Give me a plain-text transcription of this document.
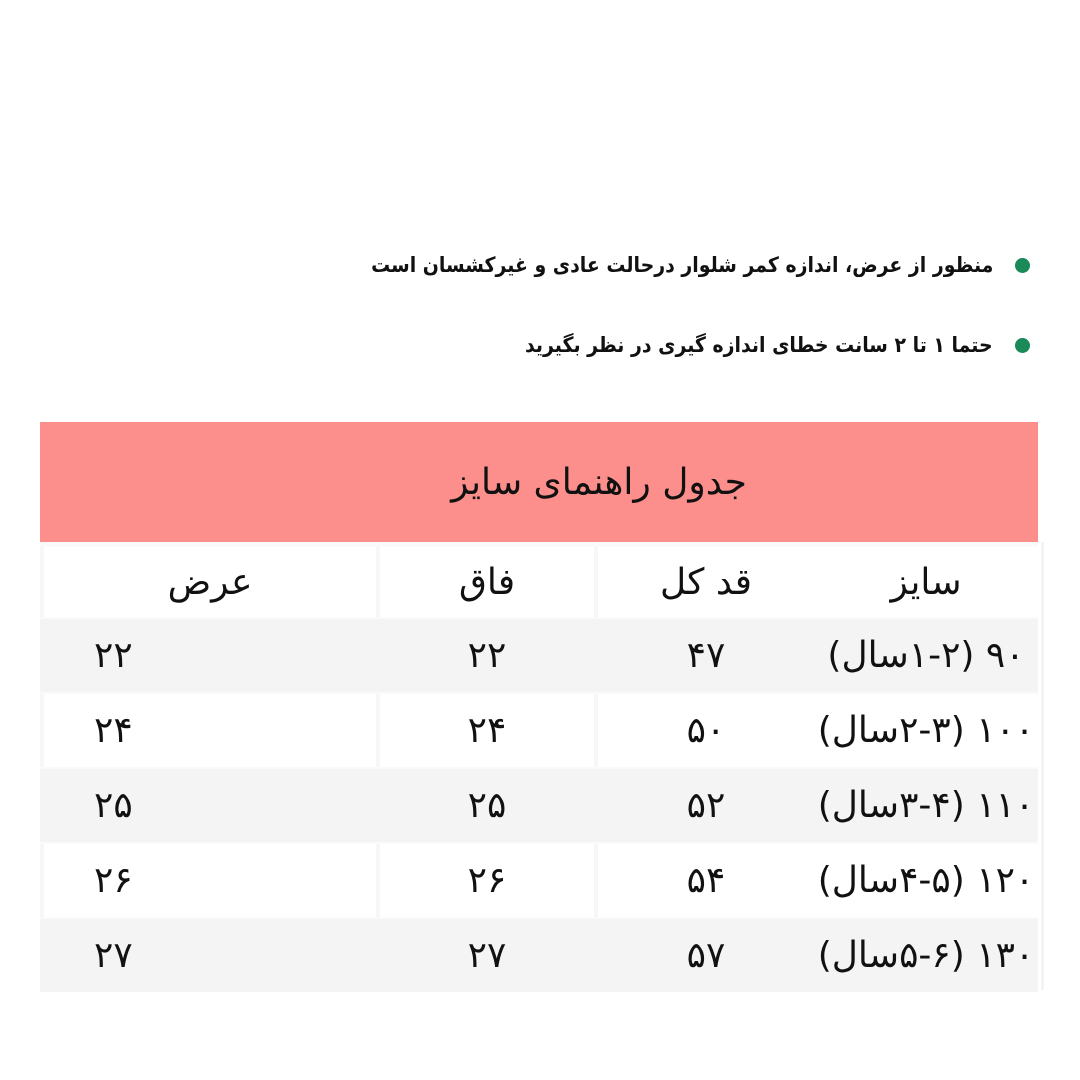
منظور از عرض، اندازه کمر شلوار درحالت عادی و غیرکشسان است
حتما ۱ تا ۲ سانت خطای اندازه گیری در نظر بگیرید
جدول راهنمای سایز
سایز
قد کل
فاق
عرض
۹۰ (۱-۲سال)
۴۷
۲۲
۲۲
۱۰۰ (۲-۳سال)
۵۰
۲۴
۲۴
۱۱۰ (۳-۴سال)
۵۲
۲۵
۲۵
۱۲۰ (۴-۵سال)
۵۴
۲۶
۲۶
۱۳۰ (۵-۶سال)
۵۷
۲۷
۲۷
